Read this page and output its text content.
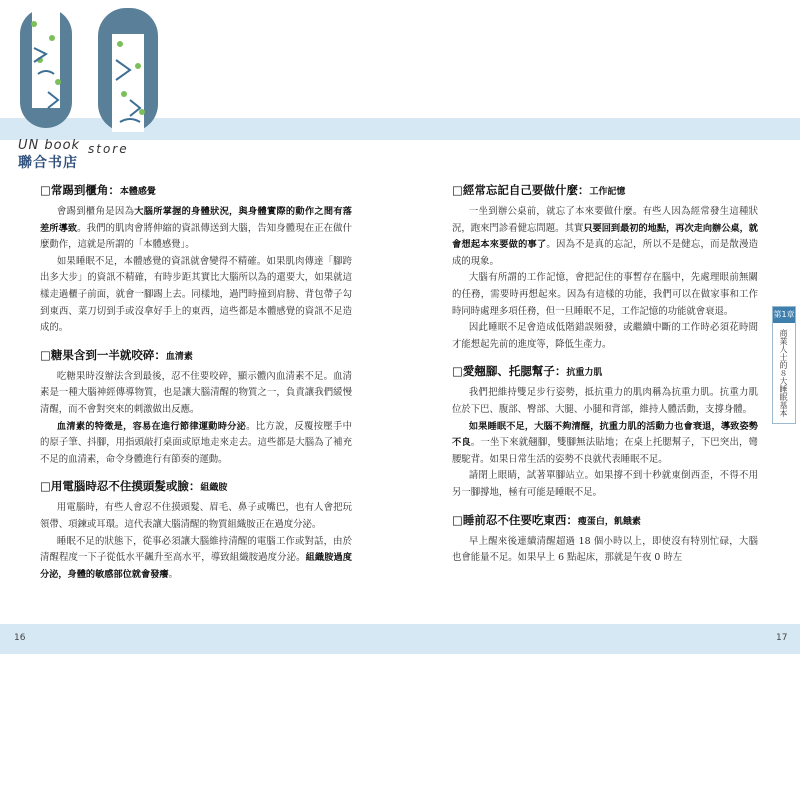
UN book store
聯合书店
□常踢到櫃角：本體感覺

會踢到櫃角是因為大腦所掌握的身體狀況，與身體實際的動作之間有落差所導致。我們的肌肉會將伸縮的資訊傳送到大腦，告知身體現在正在做什麼動作，這就是所謂的「本體感覺」。

如果睡眠不足，本體感覺的資訊就會變得不精確。如果肌肉傳達「腳跨出多大步」的資訊不精確，有時步距其實比大腦所以為的還要大，如果就這樣走過櫃子前面，就會一腳踢上去。同樣地，過門時撞到肩膀、背包帶子勾到東西、菜刀切到手或沒拿好手上的東西，這些都是本體感覺的資訊不足造成的。

□糖果含到一半就咬碎：血清素

吃糖果時沒辦法含到最後，忍不住要咬碎，顯示體內血清素不足。血清素是一種大腦神經傳導物質，也是讓大腦清醒的物質之一，負責讓我們緩慢清醒，而不會對突來的刺激做出反應。

血清素的特徵是，容易在進行節律運動時分泌。比方說，反覆按壓手中的原子筆、抖腳，用指頭敲打桌面或原地走來走去。這些都是大腦為了補充不足的血清素，命令身體進行有節奏的運動。

□用電腦時忍不住摸頭髮或臉：組織胺

用電腦時，有些人會忍不住摸頭髮、眉毛、鼻子或嘴巴，也有人會把玩領帶、項鍊或耳環。這代表讓大腦清醒的物質組織胺正在過度分泌。

睡眠不足的狀態下，從事必須讓大腦維持清醒的電腦工作或對話，由於清醒程度一下子從低水平飆升至高水平，導致組織胺過度分泌。組織胺過度分泌，身體的敏感部位就會發癢。

□經常忘記自己要做什麼：工作記憶

一坐到辦公桌前，就忘了本來要做什麼。有些人因為經常發生這種狀況，跑來門診看健忘問題。其實只要回到最初的地點，再次走向辦公桌，就會想起本來要做的事了。因為不是真的忘記，所以不是健忘，而是散漫造成的現象。

大腦有所謂的工作記憶，會把記住的事暫存在腦中，先處理眼前無關的任務，需要時再想起來。因為有這樣的功能，我們可以在做家事和工作時同時處理多項任務，但一旦睡眠不足，工作記憶的功能就會衰退。

因此睡眠不足會造成低階錯誤頻發，或繼續中斷的工作時必須花時間才能想起先前的進度等，降低生產力。

□愛翹腳、托腮幫子：抗重力肌

我們把維持雙足步行姿勢，抵抗重力的肌肉稱為抗重力肌。抗重力肌位於下巴、腹部、臀部、大腿、小腿和背部，維持人體活動，支撐身體。

如果睡眠不足，大腦不夠清醒，抗重力肌的活動力也會衰退，導致姿勢不良。一坐下來就翹腳，雙腳無法貼地；在桌上托腮幫子，下巴突出，彎腰駝背。如果日常生活的姿勢不良就代表睡眠不足。

請閉上眼睛，試著單腳站立。如果撐不到十秒就東倒西歪，不得不用另一腳撐地，極有可能是睡眠不足。

□睡前忍不住要吃東西：瘦蛋白，飢餓素

早上醒來後連續清醒超過 18 個小時以上，即使沒有特別忙碌，大腦也會能量不足。如果早上 6 點起床，那就是午夜 0 時左

第1章
商業人士的８大睡眠基本
16	17
